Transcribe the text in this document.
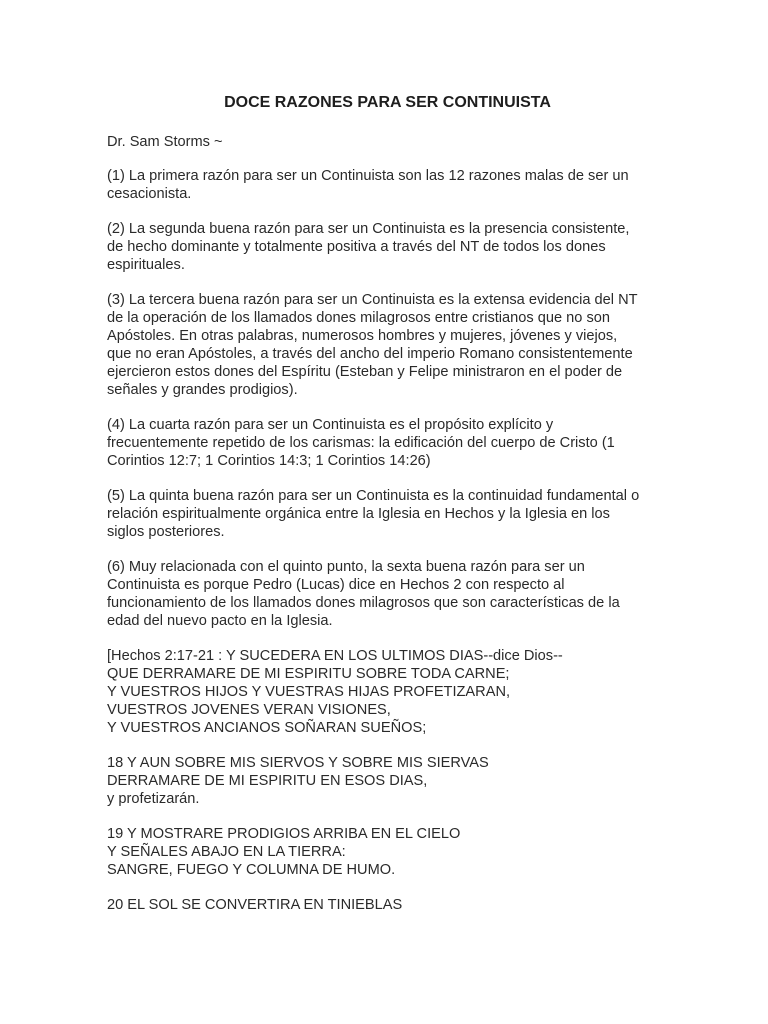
DOCE RAZONES PARA SER CONTINUISTA
Dr. Sam Storms ~

(1) La primera razón para ser un Continuista son las 12 razones malas de ser un
cesacionista.

(2) La segunda buena razón para ser un Continuista es la presencia consistente,
de hecho dominante y totalmente positiva a través del NT de todos los dones
espirituales.

(3) La tercera buena razón para ser un Continuista es la extensa evidencia del NT
de la operación de los llamados dones milagrosos entre cristianos que no son
Apóstoles. En otras palabras, numerosos hombres y mujeres, jóvenes y viejos,
que no eran Apóstoles, a través del ancho del imperio Romano consistentemente
ejercieron estos dones del Espíritu (Esteban y Felipe ministraron en el poder de
señales y grandes prodigios).

(4) La cuarta razón para ser un Continuista es el propósito explícito y
frecuentemente repetido de los carismas: la edificación del cuerpo de Cristo (1
Corintios 12:7; 1 Corintios 14:3; 1 Corintios 14:26)

(5) La quinta buena razón para ser un Continuista es la continuidad fundamental o
relación espiritualmente orgánica entre la Iglesia en Hechos y la Iglesia en los
siglos posteriores.

(6) Muy relacionada con el quinto punto, la sexta buena razón para ser un
Continuista es porque Pedro (Lucas) dice en Hechos 2 con respecto al
funcionamiento de los llamados dones milagrosos que son características de la
edad del nuevo pacto en la Iglesia.

[Hechos 2:17-21 : Y SUCEDERA EN LOS ULTIMOS DIAS--dice Dios--
QUE DERRAMARE DE MI ESPIRITU SOBRE TODA CARNE;
Y VUESTROS HIJOS Y VUESTRAS HIJAS PROFETIZARAN,
VUESTROS JOVENES VERAN VISIONES,
Y VUESTROS ANCIANOS SOÑARAN SUEÑOS;
18 Y AUN SOBRE MIS SIERVOS Y SOBRE MIS SIERVAS
DERRAMARE DE MI ESPIRITU EN ESOS DIAS,
y profetizarán.
19 Y MOSTRARE PRODIGIOS ARRIBA EN EL CIELO
Y SEÑALES ABAJO EN LA TIERRA:
SANGRE, FUEGO Y COLUMNA DE HUMO.
20 EL SOL SE CONVERTIRA EN TINIEBLAS
